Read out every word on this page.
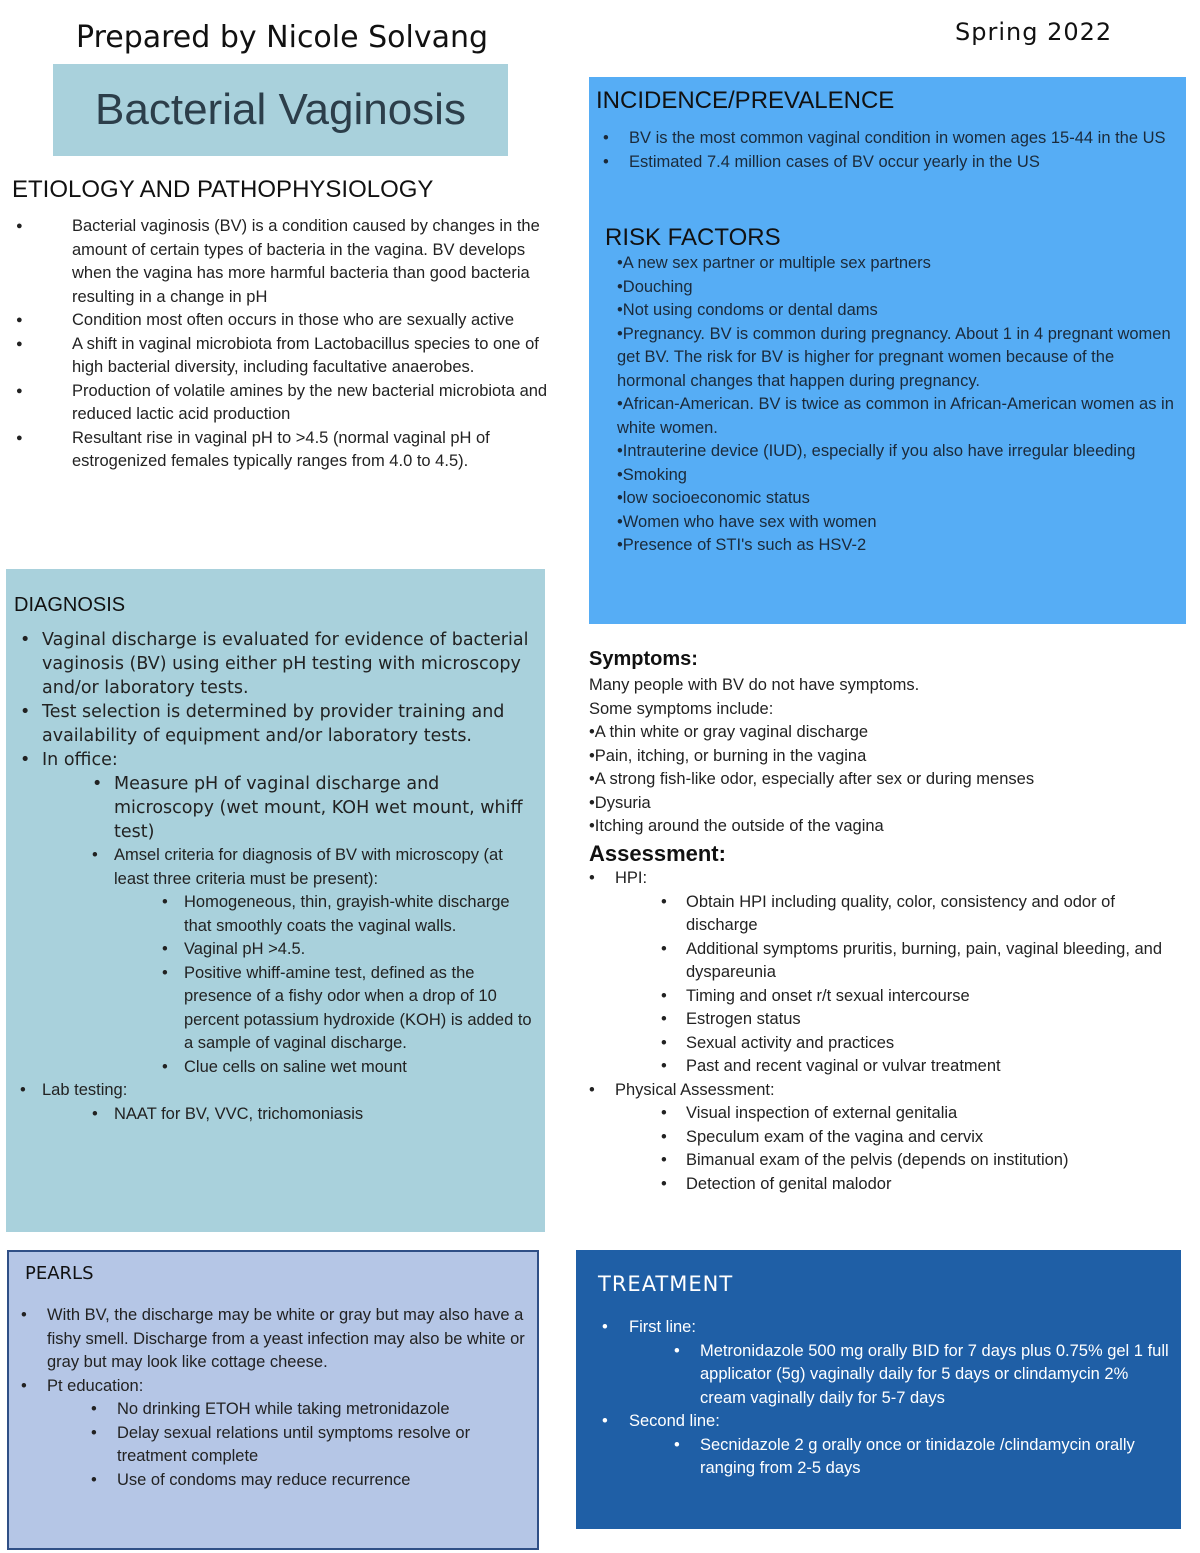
Prepared by Nicole Solvang	Spring 2022
Bacterial Vaginosis
ETIOLOGY AND PATHOPHYSIOLOGY
● Bacterial vaginosis (BV) is a condition caused by changes in the amount of certain types of bacteria in the vagina. BV develops when the vagina has more harmful bacteria than good bacteria resulting in a change in pH
● Condition most often occurs in those who are sexually active
● A shift in vaginal microbiota from Lactobacillus species to one of high bacterial diversity, including facultative anaerobes.
● Production of volatile amines by the new bacterial microbiota and reduced lactic acid production
● Resultant rise in vaginal pH to >4.5 (normal vaginal pH of estrogenized females typically ranges from 4.0 to 4.5).
DIAGNOSIS
• Vaginal discharge is evaluated for evidence of bacterial vaginosis (BV) using either pH testing with microscopy and/or laboratory tests.
• Test selection is determined by provider training and availability of equipment and/or laboratory tests.
• In office:
• Measure pH of vaginal discharge and microscopy (wet mount, KOH wet mount, whiff test)
• Amsel criteria for diagnosis of BV with microscopy (at least three criteria must be present):
• Homogeneous, thin, grayish-white discharge that smoothly coats the vaginal walls.
• Vaginal pH >4.5.
• Positive whiff-amine test, defined as the presence of a fishy odor when a drop of 10 percent potassium hydroxide (KOH) is added to a sample of vaginal discharge.
• Clue cells on saline wet mount
• Lab testing:
• NAAT for BV, VVC, trichomoniasis
INCIDENCE/PREVALENCE
• BV is the most common vaginal condition in women ages 15-44 in the US
• Estimated 7.4 million cases of BV occur yearly in the US
RISK FACTORS
•A new sex partner or multiple sex partners
•Douching
•Not using condoms or dental dams
•Pregnancy. BV is common during pregnancy. About 1 in 4 pregnant women get BV. The risk for BV is higher for pregnant women because of the hormonal changes that happen during pregnancy.
•African-American. BV is twice as common in African-American women as in white women.
•Intrauterine device (IUD), especially if you also have irregular bleeding
•Smoking
•low socioeconomic status
•Women who have sex with women
•Presence of STI's such as HSV-2
Symptoms:
Many people with BV do not have symptoms.
Some symptoms include:
•A thin white or gray vaginal discharge
•Pain, itching, or burning in the vagina
•A strong fish-like odor, especially after sex or during menses
•Dysuria
•Itching around the outside of the vagina
Assessment:
• HPI:
• Obtain HPI including quality, color, consistency and odor of discharge
• Additional symptoms pruritis, burning, pain, vaginal bleeding, and dyspareunia
• Timing and onset r/t sexual intercourse
• Estrogen status
• Sexual activity and practices
• Past and recent vaginal or vulvar treatment
• Physical Assessment:
• Visual inspection of external genitalia
• Speculum exam of the vagina and cervix
• Bimanual exam of the pelvis (depends on institution)
• Detection of genital malodor
PEARLS
• With BV, the discharge may be white or gray but may also have a fishy smell. Discharge from a yeast infection may also be white or gray but may look like cottage cheese.
• Pt education:
• No drinking ETOH while taking metronidazole
• Delay sexual relations until symptoms resolve or treatment complete
• Use of condoms may reduce recurrence
TREATMENT
• First line:
• Metronidazole 500 mg orally BID for 7 days plus 0.75% gel 1 full applicator (5g) vaginally daily for 5 days or clindamycin 2% cream vaginally daily for 5-7 days
• Second line:
• Secnidazole 2 g orally once or tinidazole /clindamycin orally ranging from 2-5 days
